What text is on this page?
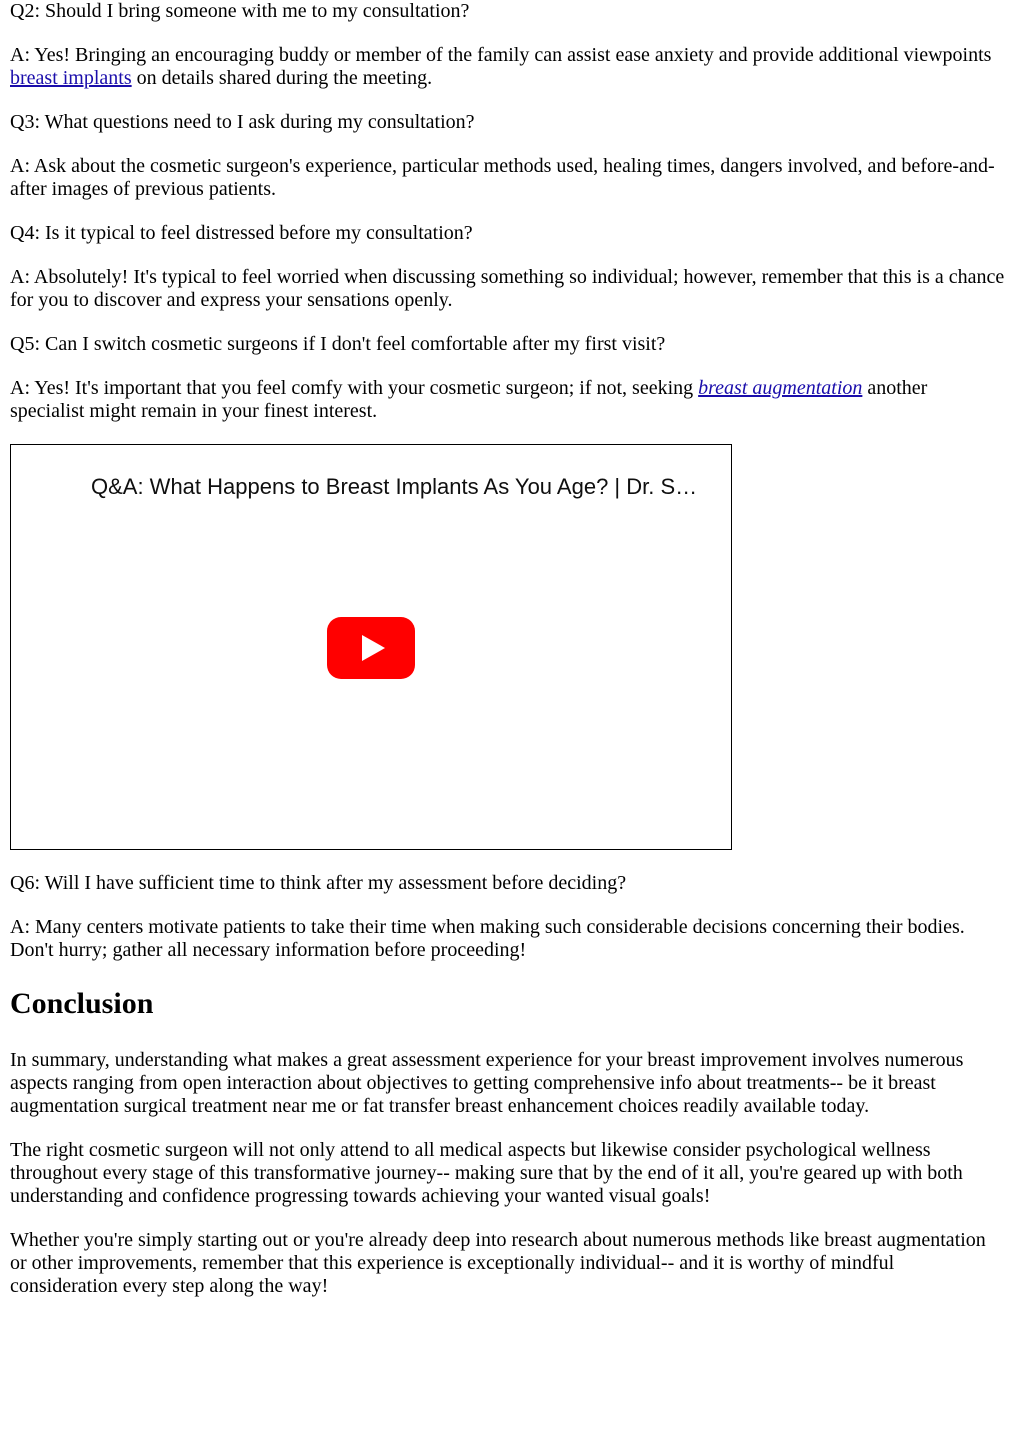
Q2: Should I bring someone with me to my consultation?

A: Yes! Bringing an encouraging buddy or member of the family can assist ease anxiety and provide additional viewpoints breast implants on details shared during the meeting.

Q3: What questions need to I ask during my consultation?

A: Ask about the cosmetic surgeon's experience, particular methods used, healing times, dangers involved, and before-and-after images of previous patients.

Q4: Is it typical to feel distressed before my consultation?

A: Absolutely! It's typical to feel worried when discussing something so individual; however, remember that this is a chance for you to discover and express your sensations openly.

Q5: Can I switch cosmetic surgeons if I don't feel comfortable after my first visit?

A: Yes! It's important that you feel comfy with your cosmetic surgeon; if not, seeking breast augmentation another specialist might remain in your finest interest.

Q&A: What Happens to Breast Implants As You Age? | Dr. S…

Q6: Will I have sufficient time to think after my assessment before deciding?

A: Many centers motivate patients to take their time when making such considerable decisions concerning their bodies. Don't hurry; gather all necessary information before proceeding!

Conclusion

In summary, understanding what makes a great assessment experience for your breast improvement involves numerous aspects ranging from open interaction about objectives to getting comprehensive info about treatments-- be it breast augmentation surgical treatment near me or fat transfer breast enhancement choices readily available today.

The right cosmetic surgeon will not only attend to all medical aspects but likewise consider psychological wellness throughout every stage of this transformative journey-- making sure that by the end of it all, you're geared up with both understanding and confidence progressing towards achieving your wanted visual goals!

Whether you're simply starting out or you're already deep into research about numerous methods like breast augmentation or other improvements, remember that this experience is exceptionally individual-- and it is worthy of mindful consideration every step along the way!
